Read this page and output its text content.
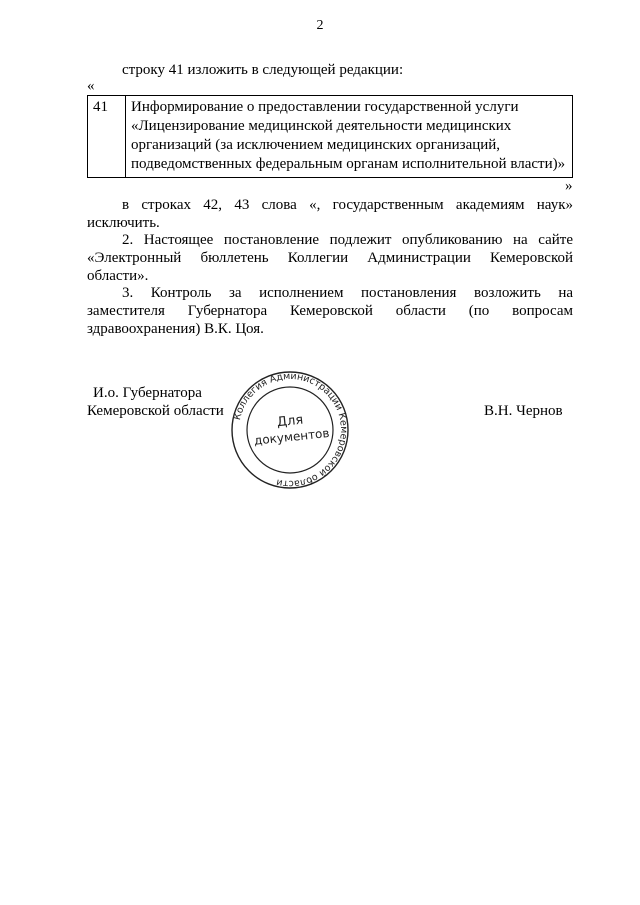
2
строку 41 изложить в следующей редакции:
«
41	Информирование о предоставлении государственной услуги
«Лицензирование медицинской деятельности медицинских
организаций (за исключением медицинских организаций,
подведомственных федеральным органам исполнительной власти)»
»
в строках 42, 43 слова «, государственным академиям наук»
исключить.
2. Настоящее постановление подлежит опубликованию на сайте
«Электронный бюллетень Коллегии Администрации Кемеровской
области».
3. Контроль за исполнением постановления возложить на
заместителя Губернатора Кемеровской области (по вопросам
здравоохранения) В.К. Цоя.
И.о. Губернатора
Кемеровской области	В.Н. Чернов
Коллегия Администрации Кемеровской области
Для
документов
